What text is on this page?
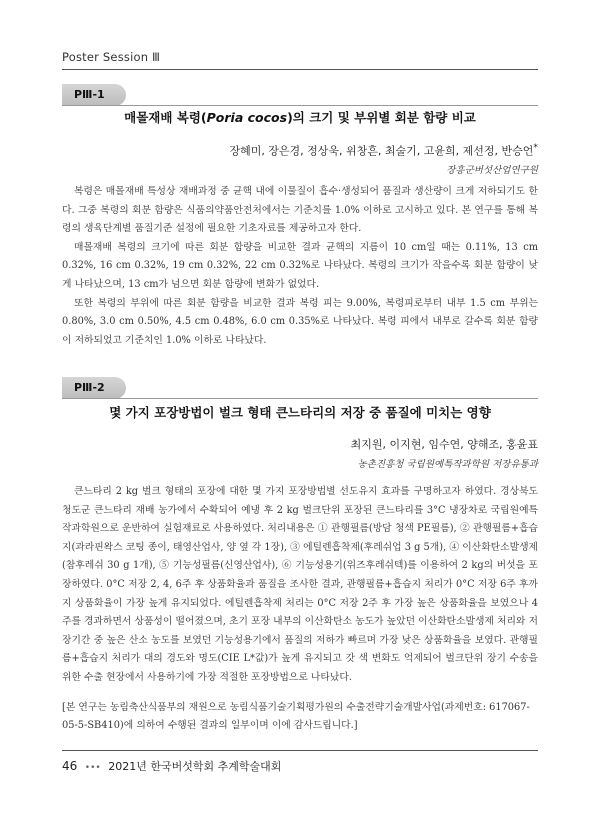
Poster Session Ⅲ
PⅢ-1
매몰재배 복령(Poria cocos)의 크기 및 부위별 회분 함량 비교
장혜미, 장은경, 정상욱, 위창흔, 최술기, 고윤희, 제선정, 반승언*
장흥군버섯산업연구원

복령은 매몰재배 특성상 재배과정 중 균핵 내에 이물질이 흡수·생성되어 품질과 생산량이 크게 저하되기도 한다. 그중 복령의 회분 함량은 식품의약품안전처에서는 기준치를 1.0% 이하로 고시하고 있다. 본 연구를 통해 복령의 생육단계별 품질기준 설정에 필요한 기초자료를 제공하고자 한다.

매몰재배 복령의 크기에 따른 회분 함량을 비교한 결과 균핵의 지름이 10 cm일 때는 0.11%, 13 cm 0.32%, 16 cm 0.32%, 19 cm 0.32%, 22 cm 0.32%로 나타났다. 복령의 크기가 작을수록 회분 함량이 낮게 나타났으며, 13 cm가 넘으면 회분 함량에 변화가 없었다.

또한 복령의 부위에 따른 회분 함량을 비교한 결과 복령 피는 9.00%, 복령피로부터 내부 1.5 cm 부위는 0.80%, 3.0 cm 0.50%, 4.5 cm 0.48%, 6.0 cm 0.35%로 나타났다. 복령 피에서 내부로 갈수록 회분 함량이 저하되었고 기준치인 1.0% 이하로 나타났다.

PⅢ-2
몇 가지 포장방법이 벌크 형태 큰느타리의 저장 중 품질에 미치는 영향
최지원, 이지현, 임수연, 양해조, 홍윤표
농촌진흥청 국립원예특작과학원 저장유통과

큰느타리 2 kg 벌크 형태의 포장에 대한 몇 가지 포장방법별 선도유지 효과를 구명하고자 하였다. 경상북도 청도군 큰느타리 재배 농가에서 수확되어 예냉 후 2 kg 벌크단위 포장된 큰느타리를 3°C 냉장차로 국립원예특작과학원으로 운반하여 실험재료로 사용하였다. 처리내용은 ① 관행필름(방담 청색 PE필름), ② 관행필름+흡습지(과라핀왁스 코팅 종이, 태영산업사, 양 옆 각 1장), ③ 에틸렌흡착제(후레쉬업 3 g 5개), ④ 이산화탄소발생제(참후레쉬 30 g 1개), ⑤ 기능성필름(신영산업사), ⑥ 기능성용기(위즈후레쉬텍)를 이용하여 2 kg의 버섯을 포장하였다. 0°C 저장 2, 4, 6주 후 상품화율과 품질을 조사한 결과, 관행필름+흡습지 처리가 0°C 저장 6주 후까지 상품화율이 가장 높게 유지되었다. 에틸렌흡착제 처리는 0°C 저장 2주 후 가장 높은 상품화율을 보였으나 4주를 경과하면서 상품성이 떨어졌으며, 초기 포장 내부의 이산화탄소 농도가 높았던 이산화탄소발생제 처리와 저장기간 중 높은 산소 농도를 보였던 기능성용기에서 품질의 저하가 빠르며 가장 낮은 상품화율을 보였다. 관행필름+흡습지 처리가 대의 경도와 명도(CIE L*값)가 높게 유지되고 갓 색 변화도 억제되어 벌크단위 장기 수송을 위한 수출 현장에서 사용하기에 가장 적절한 포장방법으로 나타났다.

[본 연구는 농림축산식품부의 재원으로 농림식품기술기획평가원의 수출전략기술개발사업(과제번호: 617067-05-5-SB410)에 의하여 수행된 결과의 일부이며 이에 감사드립니다.]
46 ••• 2021년 한국버섯학회 추계학술대회
